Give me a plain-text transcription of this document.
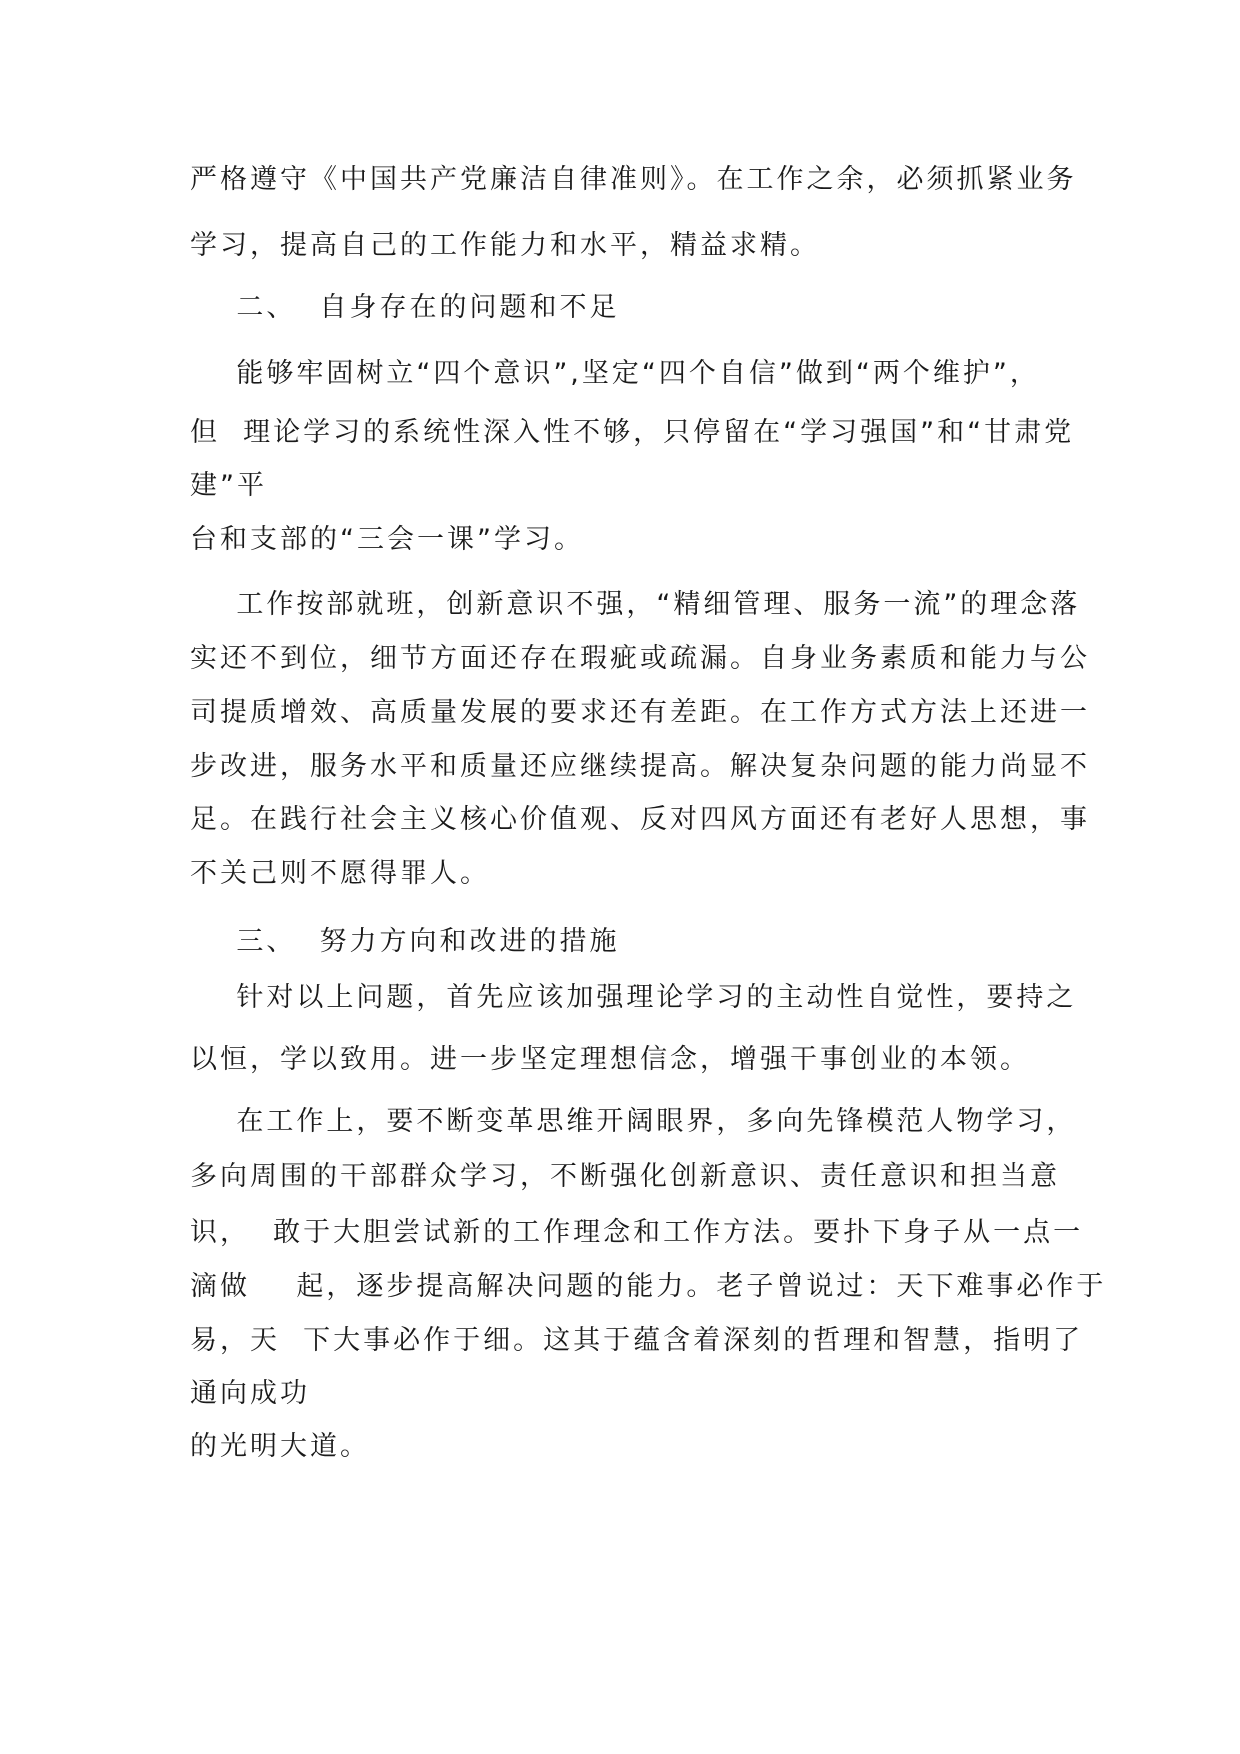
严格遵守《中国共产党廉洁自律准则》。在工作之余，必须抓紧业务
学习，提高自己的工作能力和水平，精益求精。
二、  自身存在的问题和不足
能够牢固树立“四个意识”,坚定“四个自信”做到“两个维护”，
但  理论学习的系统性深入性不够，只停留在“学习强国”和“甘肃党
建”平
台和支部的“三会一课”学习。
工作按部就班，创新意识不强，“精细管理、服务一流”的理念落
实还不到位，细节方面还存在瑕疵或疏漏。自身业务素质和能力与公
司提质增效、高质量发展的要求还有差距。在工作方式方法上还进一
步改进，服务水平和质量还应继续提高。解决复杂问题的能力尚显不
足。在践行社会主义核心价值观、反对四风方面还有老好人思想，事
不关己则不愿得罪人。
三、  努力方向和改进的措施
针对以上问题，首先应该加强理论学习的主动性自觉性，要持之
以恒，学以致用。进一步坚定理想信念，增强干事创业的本领。
在工作上，要不断变革思维开阔眼界，多向先锋模范人物学习，
多向周围的干部群众学习，不断强化创新意识、责任意识和担当意
识，  敢于大胆尝试新的工作理念和工作方法。要扑下身子从一点一
滴做    起，逐步提高解决问题的能力。老子曾说过：天下难事必作于
易，天  下大事必作于细。这其于蕴含着深刻的哲理和智慧，指明了
通向成功
的光明大道。
